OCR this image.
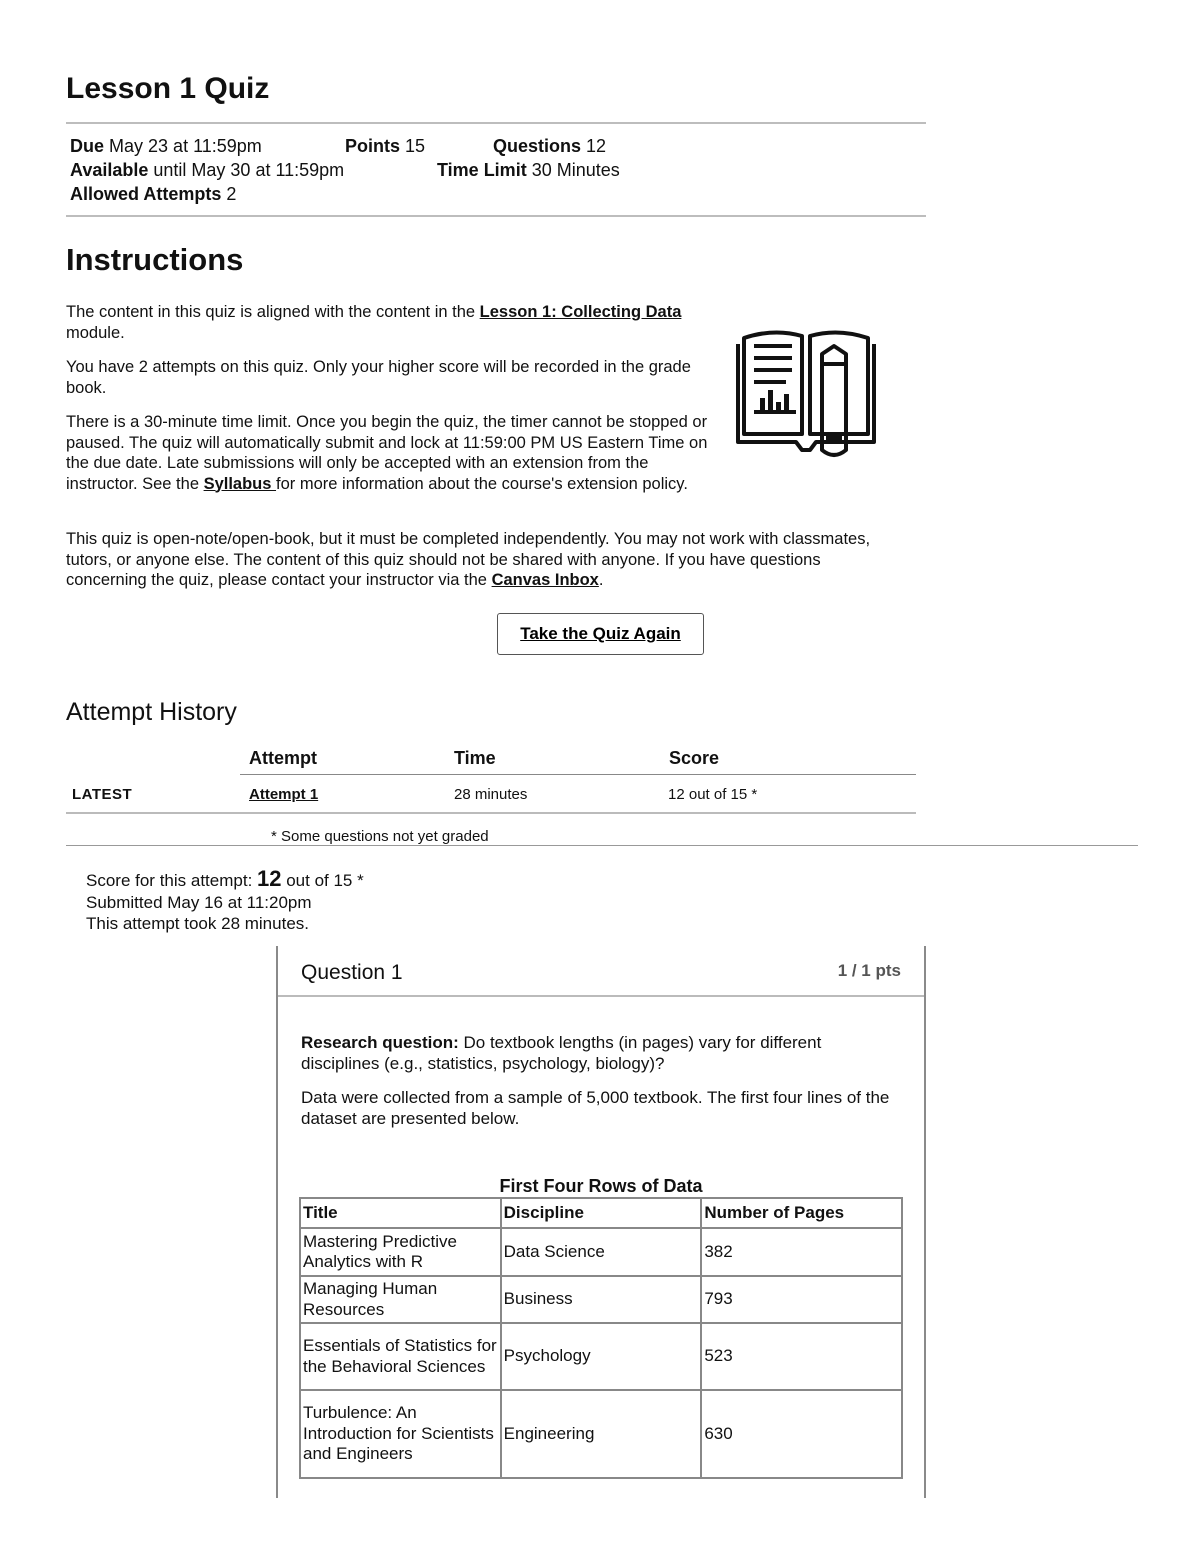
Lesson 1 Quiz
Due May 23 at 11:59pm	Points 15	Questions 12
Available until May 30 at 11:59pm	Time Limit 30 Minutes
Allowed Attempts 2
Instructions

The content in this quiz is aligned with the content in the Lesson 1: Collecting Data module.

You have 2 attempts on this quiz. Only your higher score will be recorded in the grade book.

There is a 30-minute time limit. Once you begin the quiz, the timer cannot be stopped or paused. The quiz will automatically submit and lock at 11:59:00 PM US Eastern Time on the due date. Late submissions will only be accepted with an extension from the instructor. See the Syllabus for more information about the course's extension policy.

This quiz is open-note/open-book, but it must be completed independently. You may not work with classmates, tutors, or anyone else. The content of this quiz should not be shared with anyone. If you have questions concerning the quiz, please contact your instructor via the Canvas Inbox.

Take the Quiz Again
Attempt History
Attempt	Time	Score
LATEST	Attempt 1	28 minutes	12 out of 15 *
* Some questions not yet graded
Score for this attempt: 12 out of 15 *
Submitted May 16 at 11:20pm
This attempt took 28 minutes.
Question 1	1 / 1 pts

Research question: Do textbook lengths (in pages) vary for different disciplines (e.g., statistics, psychology, biology)?

Data were collected from a sample of 5,000 textbook. The first four lines of the dataset are presented below.

First Four Rows of Data
Title	Discipline	Number of Pages
Mastering Predictive Analytics with R	Data Science	382
Managing Human Resources	Business	793
Essentials of Statistics for the Behavioral Sciences	Psychology	523
Turbulence: An Introduction for Scientists and Engineers	Engineering	630
